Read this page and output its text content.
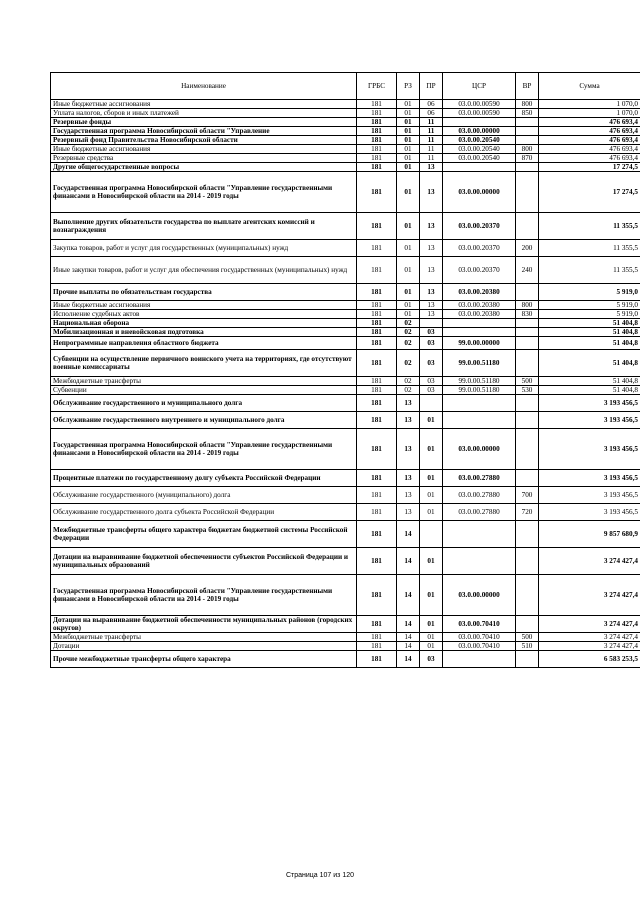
Наименование	ГРБС	РЗ	ПР	ЦСР	ВР	Сумма
Иные бюджетные ассигнования	181	01	06	03.0.00.00590	800	1 070,0
Уплата налогов, сборов и иных платежей	181	01	06	03.0.00.00590	850	1 070,0
Резервные фонды	181	01	11			476 693,4
Государственная программа Новосибирской области "Управление	181	01	11	03.0.00.00000		476 693,4
Резервный фонд Правительства Новосибирской области	181	01	11	03.0.00.20540		476 693,4
Иные бюджетные ассигнования	181	01	11	03.0.00.20540	800	476 693,4
Резервные средства	181	01	11	03.0.00.20540	870	476 693,4
Другие общегосударственные вопросы	181	01	13			17 274,5
Государственная программа Новосибирской области "Управление государственными финансами в Новосибирской области на 2014 - 2019 годы	181	01	13	03.0.00.00000		17 274,5
Выполнение других обязательств государства по выплате агентских комиссий и вознаграждения	181	01	13	03.0.00.20370		11 355,5
Закупка товаров, работ и услуг для государственных (муниципальных) нужд	181	01	13	03.0.00.20370	200	11 355,5
Иные закупки товаров, работ и услуг для обеспечения государственных (муниципальных) нужд	181	01	13	03.0.00.20370	240	11 355,5
Прочие выплаты по обязательствам государства	181	01	13	03.0.00.20380		5 919,0
Иные бюджетные ассигнования	181	01	13	03.0.00.20380	800	5 919,0
Исполнение судебных актов	181	01	13	03.0.00.20380	830	5 919,0
Национальная оборона	181	02				51 404,8
Мобилизационная и вневойсковая подготовка	181	02	03			51 404,8
Непрограммные направления областного бюджета	181	02	03	99.0.00.00000		51 404,8
Субвенции на осуществление первичного воинского учета на территориях, где отсутствуют военные комиссариаты	181	02	03	99.0.00.51180		51 404,8
Межбюджетные трансферты	181	02	03	99.0.00.51180	500	51 404,8
Субвенции	181	02	03	99.0.00.51180	530	51 404,8
Обслуживание государственного и муниципального долга	181	13				3 193 456,5
Обслуживание государственного внутреннего и муниципального долга	181	13	01			3 193 456,5
Государственная программа Новосибирской области "Управление государственными финансами в Новосибирской области на 2014 - 2019 годы	181	13	01	03.0.00.00000		3 193 456,5
Процентные платежи по государственному долгу субъекта Российской Федерации	181	13	01	03.0.00.27880		3 193 456,5
Обслуживание государственного (муниципального) долга	181	13	01	03.0.00.27880	700	3 193 456,5
Обслуживание государственного долга субъекта Российской Федерации	181	13	01	03.0.00.27880	720	3 193 456,5
Межбюджетные трансферты общего характера бюджетам бюджетной системы Российской Федерации	181	14				9 857 680,9
Дотации на выравнивание бюджетной обеспеченности субъектов Российской Федерации и муниципальных образований	181	14	01			3 274 427,4
Государственная программа Новосибирской области "Управление государственными финансами в Новосибирской области на 2014 - 2019 годы	181	14	01	03.0.00.00000		3 274 427,4
Дотации на выравнивание бюджетной обеспеченности муниципальных районов (городских округов)	181	14	01	03.0.00.70410		3 274 427,4
Межбюджетные трансферты	181	14	01	03.0.00.70410	500	3 274 427,4
Дотации	181	14	01	03.0.00.70410	510	3 274 427,4
Прочие межбюджетные трансферты общего характера	181	14	03			6 583 253,5
Страница 107 из 120
